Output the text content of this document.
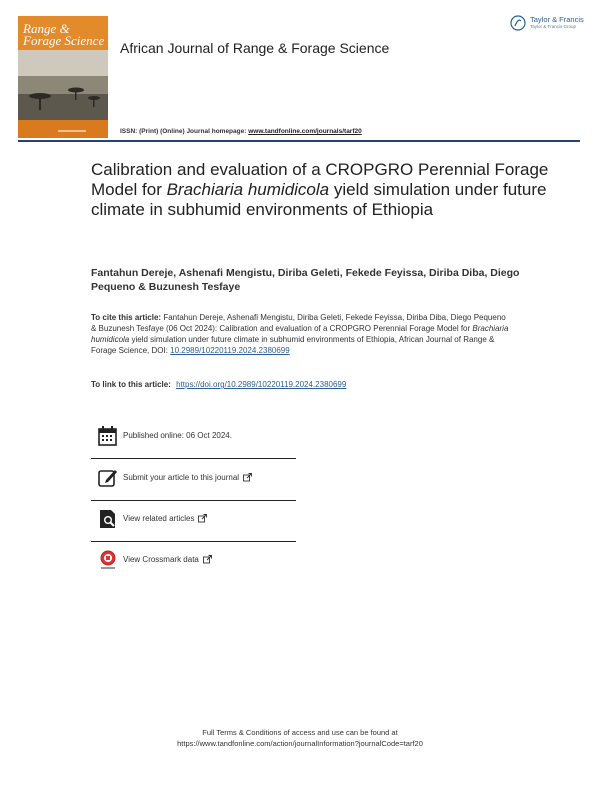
Range &
Forage Science African Journal of Range & Forage Science
Taylor & Francis
Taylor & Francis Group
ISSN: (Print) (Online) Journal homepage: www.tandfonline.com/journals/tarf20
Calibration and evaluation of a CROPGRO Perennial Forage Model for Brachiaria humidicola yield simulation under future climate in subhumid environments of Ethiopia
Fantahun Dereje, Ashenafi Mengistu, Diriba Geleti, Fekede Feyissa, Diriba Diba, Diego Pequeno & Buzunesh Tesfaye
To cite this article: Fantahun Dereje, Ashenafi Mengistu, Diriba Geleti, Fekede Feyissa, Diriba Diba, Diego Pequeno & Buzunesh Tesfaye (06 Oct 2024): Calibration and evaluation of a CROPGRO Perennial Forage Model for Brachiaria humidicola yield simulation under future climate in subhumid environments of Ethiopia, African Journal of Range & Forage Science, DOI: 10.2989/10220119.2024.2380699
To link to this article: https://doi.org/10.2989/10220119.2024.2380699
Published online: 06 Oct 2024.
Submit your article to this journal
View related articles
View Crossmark data
Full Terms & Conditions of access and use can be found at
https://www.tandfonline.com/action/journalInformation?journalCode=tarf20
